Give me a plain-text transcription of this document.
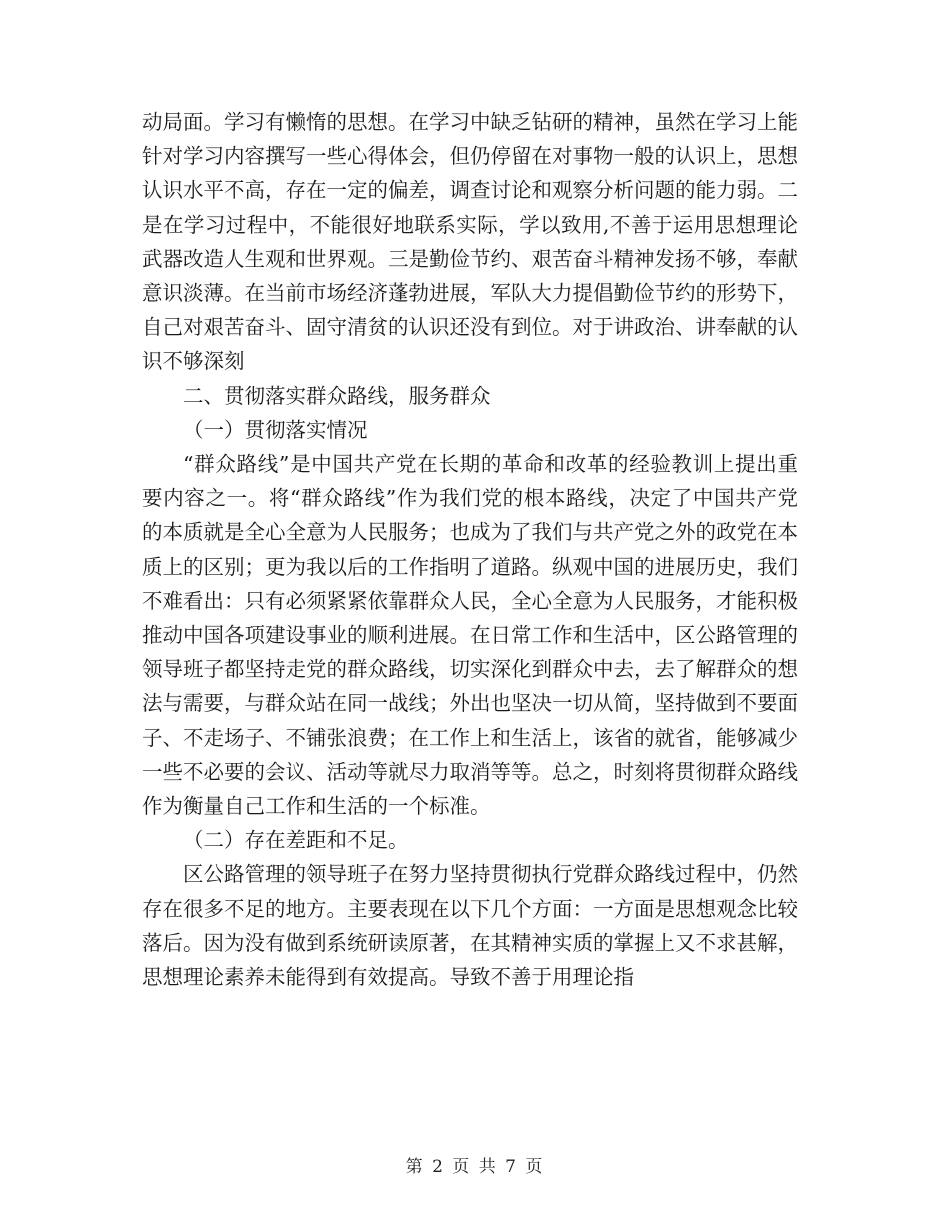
动局面。学习有懒惰的思想。在学习中缺乏钻研的精神，虽然在学习上能针对学习内容撰写一些心得体会，但仍停留在对事物一般的认识上，思想认识水平不高，存在一定的偏差，调查讨论和观察分析问题的能力弱。二是在学习过程中，不能很好地联系实际，学以致用,不善于运用思想理论武器改造人生观和世界观。三是勤俭节约、艰苦奋斗精神发扬不够，奉献意识淡薄。在当前市场经济蓬勃进展，军队大力提倡勤俭节约的形势下，自己对艰苦奋斗、固守清贫的认识还没有到位。对于讲政治、讲奉献的认识不够深刻

二、贯彻落实群众路线，服务群众

（一）贯彻落实情况

“群众路线”是中国共产党在长期的革命和改革的经验教训上提出重要内容之一。将“群众路线”作为我们党的根本路线，决定了中国共产党的本质就是全心全意为人民服务；也成为了我们与共产党之外的政党在本质上的区别；更为我以后的工作指明了道路。纵观中国的进展历史，我们不难看出：只有必须紧紧依靠群众人民，全心全意为人民服务，才能积极推动中国各项建设事业的顺利进展。在日常工作和生活中，区公路管理的领导班子都坚持走党的群众路线，切实深化到群众中去，去了解群众的想法与需要，与群众站在同一战线；外出也坚决一切从简，坚持做到不要面子、不走场子、不铺张浪费；在工作上和生活上，该省的就省，能够减少一些不必要的会议、活动等就尽力取消等等。总之，时刻将贯彻群众路线作为衡量自己工作和生活的一个标准。

（二）存在差距和不足。

区公路管理的领导班子在努力坚持贯彻执行党群众路线过程中，仍然存在很多不足的地方。主要表现在以下几个方面：一方面是思想观念比较落后。因为没有做到系统研读原著，在其精神实质的掌握上又不求甚解，思想理论素养未能得到有效提高。导致不善于用理论指

第 2 页 共 7 页
